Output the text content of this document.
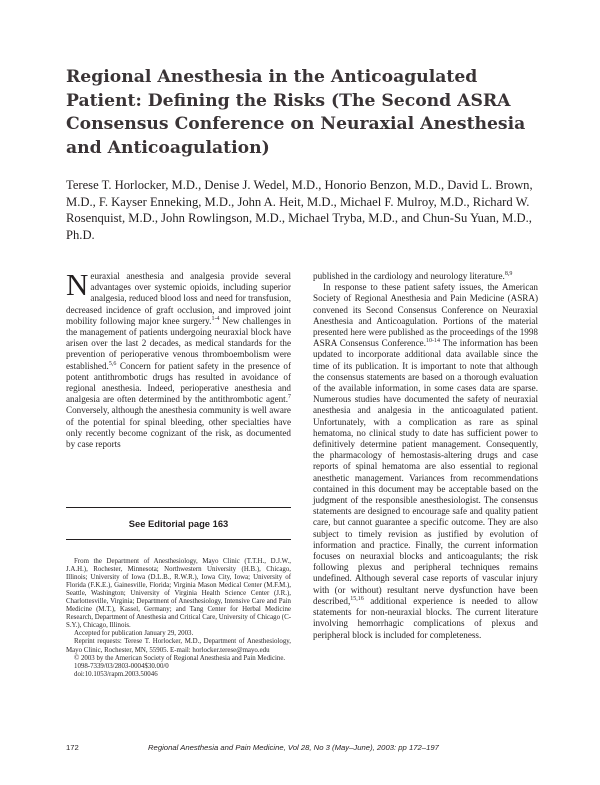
Regional Anesthesia in the Anticoagulated Patient: Defining the Risks (The Second ASRA Consensus Conference on Neuraxial Anesthesia and Anticoagulation)

Terese T. Horlocker, M.D., Denise J. Wedel, M.D., Honorio Benzon, M.D., David L. Brown, M.D., F. Kayser Enneking, M.D., John A. Heit, M.D., Michael F. Mulroy, M.D., Richard W. Rosenquist, M.D., John Rowlingson, M.D., Michael Tryba, M.D., and Chun-Su Yuan, M.D., Ph.D.

Neuraxial anesthesia and analgesia provide several advantages over systemic opioids, including superior analgesia, reduced blood loss and need for transfusion, decreased incidence of graft occlusion, and improved joint mobility following major knee surgery.$^{1-4}$ New challenges in the management of patients undergoing neuraxial block have arisen over the last 2 decades, as medical standards for the prevention of perioperative venous thromboembolism were established.$^{5,6}$ Concern for patient safety in the presence of potent antithrombotic drugs has resulted in avoidance of regional anesthesia. Indeed, perioperative anesthesia and analgesia are often determined by the antithrombotic agent.$^7$ Conversely, although the anesthesia community is well aware of the potential for spinal bleeding, other specialties have only recently become cognizant of the risk, as documented by case reports

See Editorial page 163

From the Department of Anesthesiology, Mayo Clinic (T.T.H., D.J.W., J.A.H.), Rochester, Minnesota; Northwestern University (H.B.), Chicago, Illinois; University of Iowa (D.L.B., R.W.R.), Iowa City, Iowa; University of Florida (F.K.E.), Gainesville, Florida; Virginia Mason Medical Center (M.F.M.), Seattle, Washington; University of Virginia Health Science Center (J.R.), Charlottesville, Virginia; Department of Anesthesiology, Intensive Care and Pain Medicine (M.T.), Kassel, Germany; and Tang Center for Herbal Medicine Research, Department of Anesthesia and Critical Care, University of Chicago (C-S.Y.), Chicago, Illinois.

Accepted for publication January 29, 2003.

Reprint requests: Terese T. Horlocker, M.D., Department of Anesthesiology, Mayo Clinic, Rochester, MN, 55905. E-mail: horlocker.terese@mayo.edu

© 2003 by the American Society of Regional Anesthesia and Pain Medicine.

1098-7339/03/2803-0004$30.00/0

doi:10.1053/rapm.2003.50046

published in the cardiology and neurology literature.$^{8,9}$

In response to these patient safety issues, the American Society of Regional Anesthesia and Pain Medicine (ASRA) convened its Second Consensus Conference on Neuraxial Anesthesia and Anticoagulation. Portions of the material presented here were published as the proceedings of the 1998 ASRA Consensus Conference.$^{10-14}$ The information has been updated to incorporate additional data available since the time of its publication. It is important to note that although the consensus statements are based on a thorough evaluation of the available information, in some cases data are sparse. Numerous studies have documented the safety of neuraxial anesthesia and analgesia in the anticoagulated patient. Unfortunately, with a complication as rare as spinal hematoma, no clinical study to date has sufficient power to definitively determine patient management. Consequently, the pharmacology of hemostasis-altering drugs and case reports of spinal hematoma are also essential to regional anesthetic management. Variances from recommendations contained in this document may be acceptable based on the judgment of the responsible anesthesiologist. The consensus statements are designed to encourage safe and quality patient care, but cannot guarantee a specific outcome. They are also subject to timely revision as justified by evolution of information and practice. Finally, the current information focuses on neuraxial blocks and anticoagulants; the risk following plexus and peripheral techniques remains undefined. Although several case reports of vascular injury with (or without) resultant nerve dysfunction have been described,$^{15,16}$ additional experience is needed to allow statements for non-neuraxial blocks. The current literature involving hemorrhagic complications of plexus and peripheral block is included for completeness.

172	Regional Anesthesia and Pain Medicine, Vol 28, No 3 (May–June), 2003: pp 172–197
